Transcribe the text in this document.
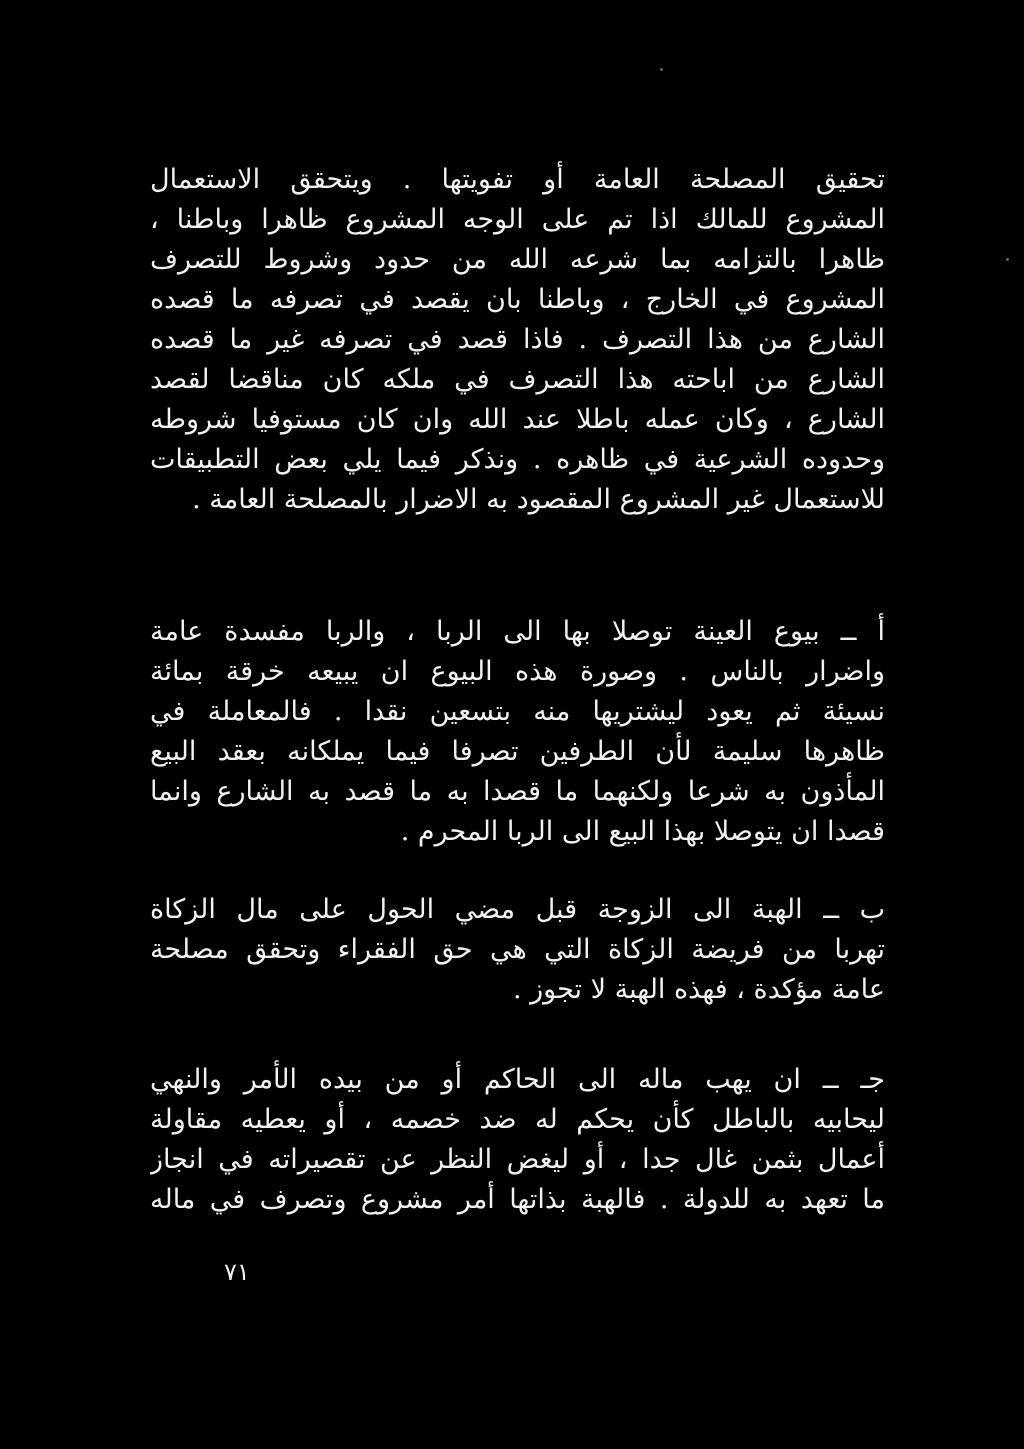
تحقيق المصلحة العامة أو تفويتها . ويتحقق الاستعمال
المشروع للمالك اذا تم على الوجه المشروع ظاهرا وباطنا ،
ظاهرا بالتزامه بما شرعه الله من حدود وشروط للتصرف
المشروع في الخارج ، وباطنا بان يقصد في تصرفه ما قصده
الشارع من هذا التصرف . فاذا قصد في تصرفه غير ما قصده
الشارع من اباحته هذا التصرف في ملكه كان مناقضا لقصد
الشارع ، وكان عمله باطلا عند الله وان كان مستوفيا شروطه
وحدوده الشرعية في ظاهره . ونذكر فيما يلي بعض التطبيقات
للاستعمال غير المشروع المقصود به الاضرار بالمصلحة العامة .
أ ــ بيوع العينة توصلا بها الى الربا ، والربا مفسدة عامة
واضرار بالناس . وصورة هذه البيوع ان يبيعه خرقة بمائة
نسيئة ثم يعود ليشتريها منه بتسعين نقدا . فالمعاملة في
ظاهرها سليمة لأن الطرفين تصرفا فيما يملكانه بعقد البيع
المأذون به شرعا ولكنهما ما قصدا به ما قصد به الشارع وانما
قصدا ان يتوصلا بهذا البيع الى الربا المحرم .
ب ــ الهبة الى الزوجة قبل مضي الحول على مال الزكاة
تهربا من فريضة الزكاة التي هي حق الفقراء وتحقق مصلحة
عامة مؤكدة ، فهذه الهبة لا تجوز .
جـ ــ ان يهب ماله الى الحاكم أو من بيده الأمر والنهي
ليحابيه بالباطل كأن يحكم له ضد خصمه ، أو يعطيه مقاولة
أعمال بثمن غال جدا ، أو ليغض النظر عن تقصيراته في انجاز
ما تعهد به للدولة . فالهبة بذاتها أمر مشروع وتصرف في ماله
٧١
